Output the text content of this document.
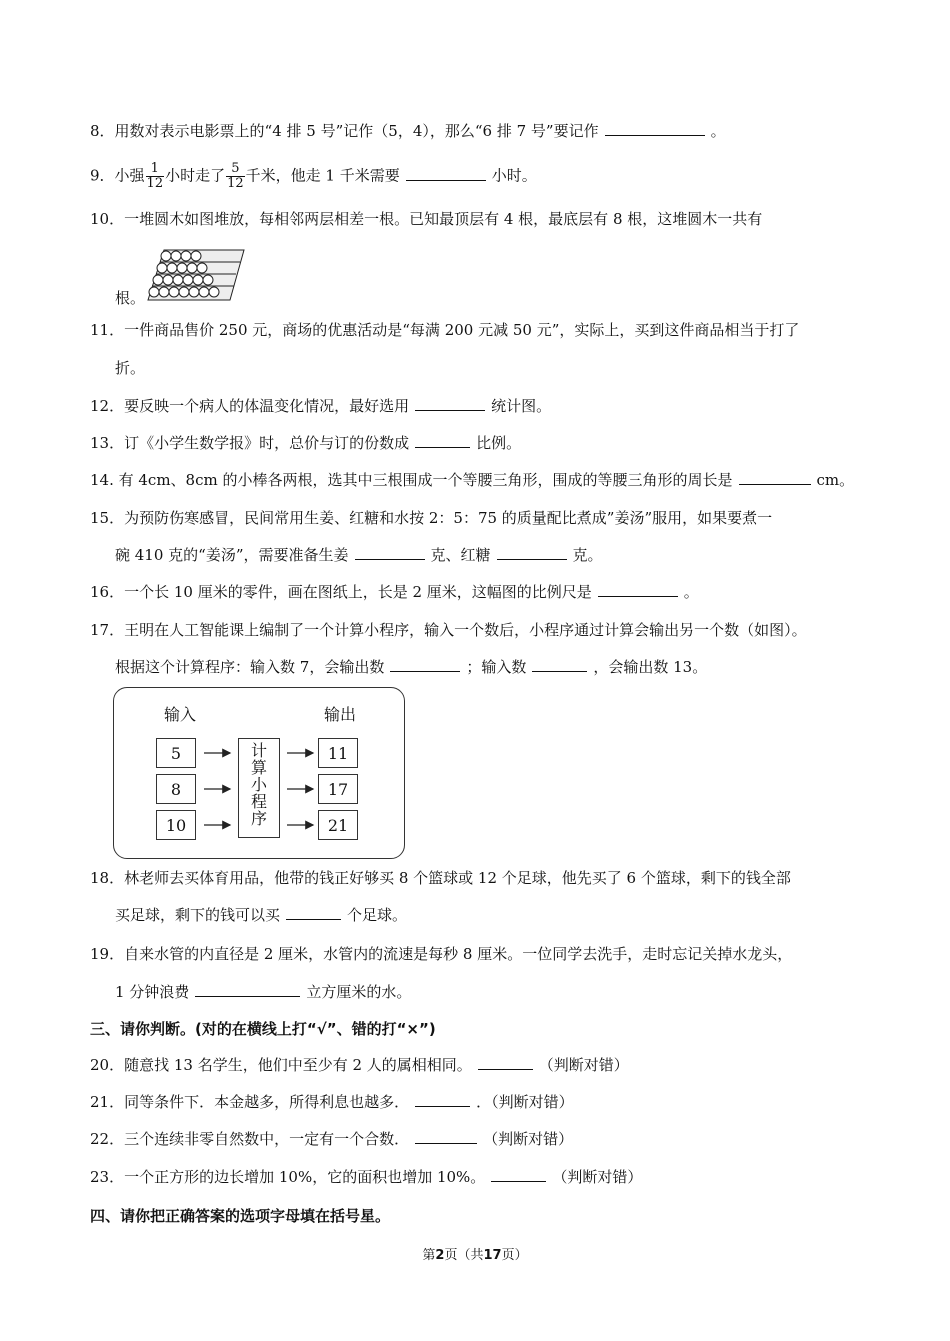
8．用数对表示电影票上的“4 排 5 号”记作（5，4），那么“6 排 7 号”要记作	。
9．小强 $\frac{1}{12}$ 小时走了 $\frac{5}{12}$ 千米，他走 1 千米需要	小时。
10．一堆圆木如图堆放，每相邻两层相差一根。已知最顶层有 4 根，最底层有 8 根，这堆圆木一共有
根。
11．一件商品售价 250 元，商场的优惠活动是“每满 200 元减 50 元”，实际上，买到这件商品相当于打了
折。
12．要反映一个病人的体温变化情况，最好选用	统计图。
13．订《小学生数学报》时，总价与订的份数成	比例。
14. 有 4cm、8cm 的小棒各两根，选其中三根围成一个等腰三角形，围成的等腰三角形的周长是	cm。
15．为预防伤寒感冒，民间常用生姜、红糖和水按 2：5：75 的质量配比煮成”姜汤”服用，如果要煮一
碗 410 克的“姜汤”，需要准备生姜	克、红糖	克。
16．一个长 10 厘米的零件，画在图纸上，长是 2 厘米，这幅图的比例尺是	。
17．王明在人工智能课上编制了一个计算小程序，输入一个数后，小程序通过计算会输出另一个数（如图）。
根据这个计算程序：输入数 7，会输出数	；输入数	，会输出数 13。
输入	输出
5
8
10
计算小程序
11
17
21
18．林老师去买体育用品，他带的钱正好够买 8 个篮球或 12 个足球，他先买了 6 个篮球，剩下的钱全部
买足球，剩下的钱可以买	个足球。
19．自来水管的内直径是 2 厘米，水管内的流速是每秒 8 厘米。一位同学去洗手，走时忘记关掉水龙头，
1 分钟浪费	立方厘米的水。
三、请你判断。(对的在横线上打“√”、错的打“×”)
20．随意找 13 名学生，他们中至少有 2 人的属相相同。	（判断对错）
21．同等条件下．本金越多，所得利息也越多．	．（判断对错）
22．三个连续非零自然数中，一定有一个合数．	（判断对错）
23．一个正方形的边长增加 10%，它的面积也增加 10%。	（判断对错）
四、请你把正确答案的选项字母填在括号星。
第2页（共17页）
